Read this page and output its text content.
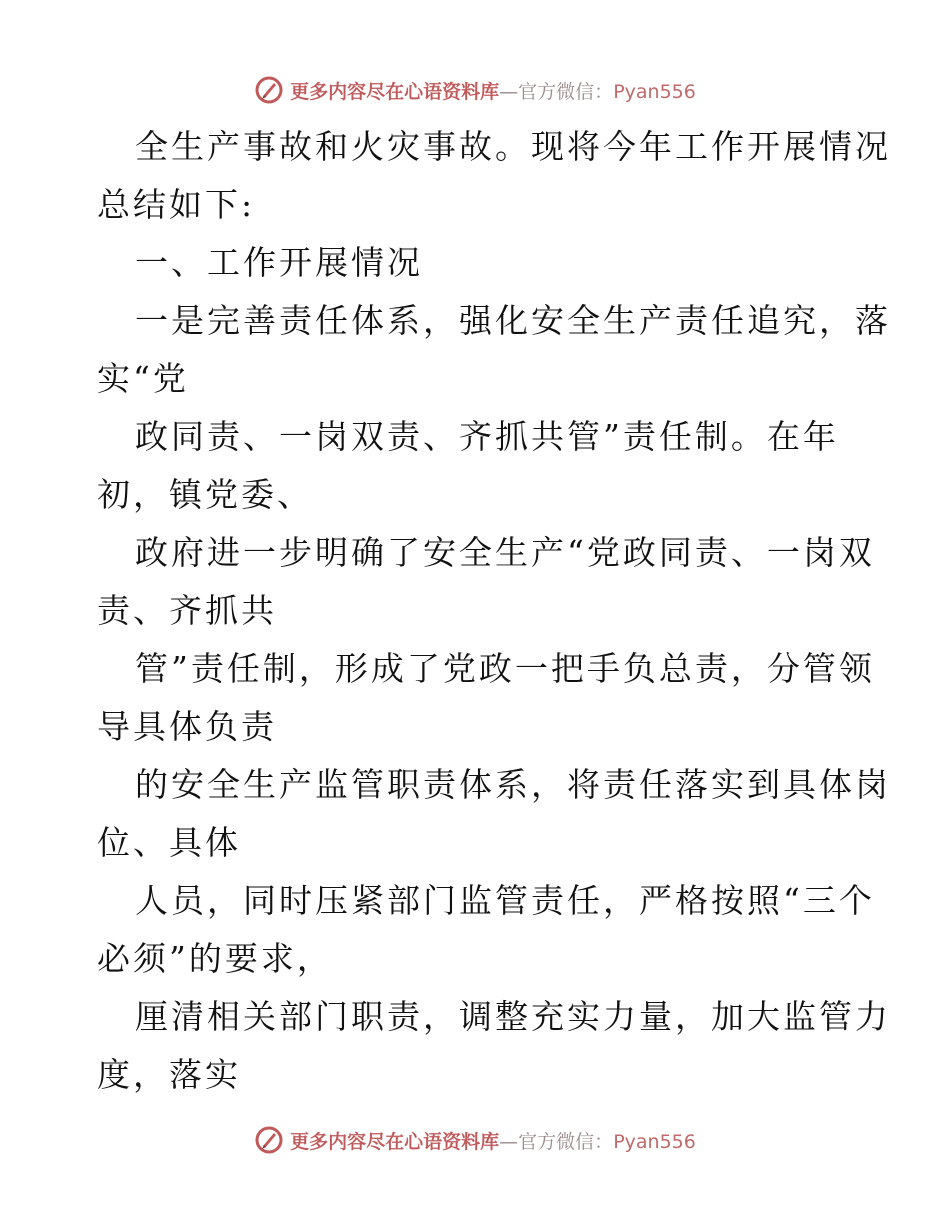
更多内容尽在心语资料库—官方微信：Pyan556
全生产事故和火灾事故。现将今年工作开展情况
总结如下:
一、工作开展情况
一是完善责任体系，强化安全生产责任追究，落
实“党
政同责、一岗双责、齐抓共管”责任制。在年
初，镇党委、
政府进一步明确了安全生产“党政同责、一岗双
责、齐抓共
管”责任制，形成了党政一把手负总责，分管领
导具体负责
的安全生产监管职责体系，将责任落实到具体岗
位、具体
人员，同时压紧部门监管责任，严格按照“三个
必须”的要求，
厘清相关部门职责，调整充实力量，加大监管力
度，落实
更多内容尽在心语资料库—官方微信：Pyan556
